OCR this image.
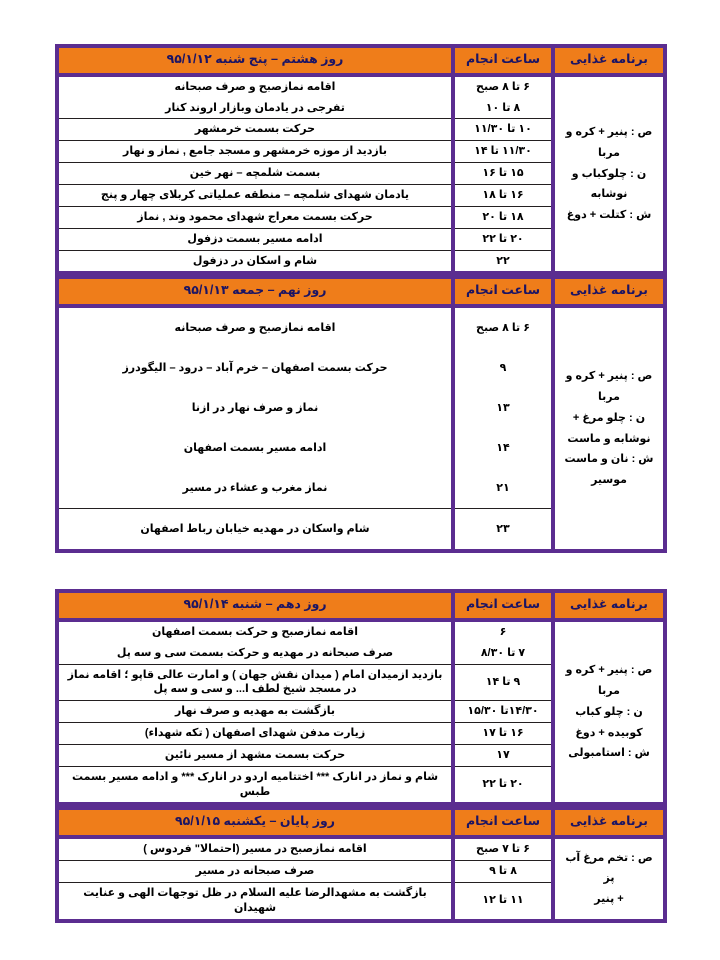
برنامه غذایی	ساعت انجام	روز هشتم – پنج شنبه ۹۵/۱/۱۲

ص : پنیر + کره و مربا
ن : چلوکباب و نوشابه
ش : کتلت + دوغ	۶ تا ۸ صبح	اقامه نمازصبح و صرف صبحانه
	۸ تا ۱۰	تفرجی در یادمان وبازار اروند کنار
	۱۰ تا ۱۱/۳۰	حرکت بسمت خرمشهر
	۱۱/۳۰ تا ۱۴	بازدید از موزه خرمشهر و مسجد جامع , نماز و نهار
	۱۵ تا ۱۶	بسمت شلمچه – نهر خین
	۱۶ تا ۱۸	یادمان شهدای شلمچه – منطقه عملیاتی کربلای چهار و پنج
	۱۸ تا ۲۰	حرکت بسمت معراج شهدای محمود وند , نماز
	۲۰ تا ۲۲	ادامه مسیر بسمت دزفول
	۲۲	شام و اسکان در دزفول
برنامه غذایی	ساعت انجام	روز نهم – جمعه ۹۵/۱/۱۳

ص : پنیر + کره و مربا
ن : چلو مرغ + نوشابه و ماست
ش : نان و ماست موسیر	۶ تا ۸ صبح	اقامه نمازصبح و صرف صبحانه
	۹	حرکت بسمت اصفهان – خرم آباد – درود – الیگودرز
	۱۳	نماز و صرف نهار در ازنا
	۱۴	ادامه مسیر بسمت اصفهان
	۲۱	نماز مغرب و عشاء در مسیر
	۲۳	شام واسکان در مهدیه خیابان رباط اصفهان
برنامه غذایی	ساعت انجام	روز دهم – شنبه ۹۵/۱/۱۴

ص : پنیر + کره و مربا
ن : چلو کباب کوبیده + دوغ
ش : استامبولی	۶	اقامه نمازصبح و حرکت بسمت اصفهان
	۷ تا ۸/۳۰	صرف صبحانه در مهدیه و حرکت بسمت سی و سه پل
	۹ تا ۱۴	بازدید ازمیدان امام ( میدان نقش جهان ) و امارت عالی قاپو ؛ اقامه نماز در مسجد شیخ لطف ا... و سی و سه پل
	۱۴/۳۰تا ۱۵/۳۰	بازگشت به مهدیه و صرف نهار
	۱۶ تا ۱۷	زیارت مدفن شهدای اصفهان ( تکه شهداء)
	۱۷	حرکت بسمت مشهد از مسیر نائین
	۲۰ تا ۲۲	شام و نماز در انارک *** اختتامیه اردو در انارک *** و ادامه مسیر بسمت طبس
برنامه غذایی	ساعت انجام	روز پایان – یکشنبه ۹۵/۱/۱۵

ص : تخم مرغ آب پز
+ پنیر	۶ تا ۷ صبح	اقامه نمازصبح در مسیر (احتمالا" فردوس )
	۸ تا ۹	صرف صبحانه در مسیر
	۱۱ تا ۱۲	بازگشت به مشهدالرضا علیه السلام در ظل توجهات الهی و عنایت شهیدان
